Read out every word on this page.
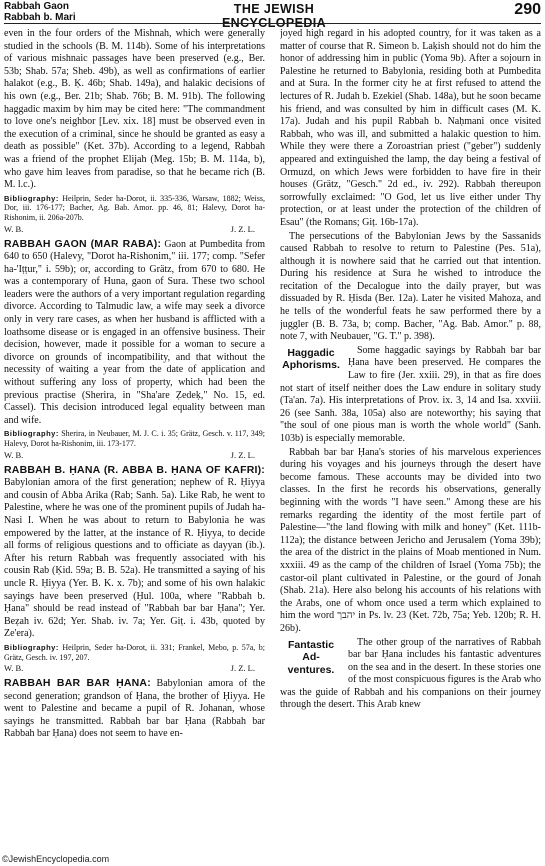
Rabbah Gaon
Rabbah b. Mari
THE JEWISH ENCYCLOPEDIA
290

even in the four orders of the Mishnah, which were generally studied in the schools (B. M. 114b). Some of his interpretations of various mishnaic passages have been preserved (e.g., Ber. 53b; Shab. 57a; Sheb. 49b), as well as confirmations of earlier halakot (e.g., B. Ḳ. 46b; Shab. 149a), and halakic decisions of his own (e.g., Ber. 21b; Shab. 76b; B. M. 91b). The following haggadic maxim by him may be cited here: "The commandment to love one's neighbor [Lev. xix. 18] must be observed even in the execution of a criminal, since he should be granted as easy a death as possible" (Ket. 37b). According to a legend, Rabbah was a friend of the prophet Elijah (Meg. 15b; B. M. 114a, b), who gave him leaves from paradise, so that he became rich (B. M. l.c.).

Bibliography: Heilprin, Seder ha-Dorot, ii. 335-336, Warsaw, 1882; Weiss, Dor, iii. 176-177; Bacher, Ag. Bab. Amor. pp. 46, 81; Halevy, Dorot ha-Rishonim, ii. 206a-207b.
W. B.	J. Z. L.

RABBAH GAON (MAR RABA): Gaon at Pumbedita from 640 to 650 (Halevy, "Dorot ha-Rishonim," iii. 177; comp. "Sefer ha-'Iṭṭur," i. 59b); or, according to Grätz, from 670 to 680. He was a contemporary of Huna, gaon of Sura. These two school leaders were the authors of a very important regulation regarding divorce. According to Talmudic law, a wife may seek a divorce only in very rare cases, as when her husband is afflicted with a loathsome disease or is engaged in an offensive business. Their decision, however, made it possible for a woman to secure a divorce on grounds of incompatibility, and that without the necessity of waiting a year from the date of application and without suffering any loss of property, which had been the previous practise (Sherira, in "Sha'are Ẓedeḳ," No. 15, ed. Cassel). This decision introduced legal equality between man and wife.

Bibliography: Sherira, in Neubauer, M. J. C. i. 35; Grätz, Gesch. v. 117, 349; Halevy, Dorot ha-Rishonim, iii. 173-177.
W. B.	J. Z. L.

RABBAH B. ḤANA (R. ABBA B. ḤANA OF KAFRI): Babylonian amora of the first generation; nephew of R. Ḥiyya and cousin of Abba Arika (Rab; Sanh. 5a). Like Rab, he went to Palestine, where he was one of the prominent pupils of Judah ha-Nasi I. When he was about to return to Babylonia he was empowered by the latter, at the instance of R. Ḥiyya, to decide all forms of religious questions and to officiate as dayyan (ib.). After his return Rabbah was frequently associated with his cousin Rab (Ḳid. 59a; B. B. 52a). He transmitted a saying of his uncle R. Ḥiyya (Yer. B. K. x. 7b); and some of his own halakic sayings have been preserved (Ḥul. 100a, where "Rabbah b. Ḥana" should be read instead of "Rabbah bar bar Ḥana"; Yer. Beẓah iv. 62d; Yer. Shab. iv. 7a; Yer. Giṭ. i. 43b, quoted by Ze'era).

Bibliography: Heilprin, Seder ha-Dorot, ii. 331; Frankel, Mebo, p. 57a, b; Grätz, Gesch. iv. 197, 207.
W. B.	J. Z. L.

RABBAH BAR BAR ḤANA: Babylonian amora of the second generation; grandson of Ḥana, the brother of Ḥiyya. He went to Palestine and became a pupil of R. Johanan, whose sayings he transmitted. Rabbah bar bar Ḥana (Rabbah bar Rabbah bar Ḥana) does not seem to have en-

joyed high regard in his adopted country, for it was taken as a matter of course that R. Simeon b. Laḳish should not do him the honor of addressing him in public (Yoma 9b). After a sojourn in Palestine he returned to Babylonia, residing both at Pumbedita and at Sura. In the former city he at first refused to attend the lectures of R. Judah b. Ezekiel (Shab. 148a), but he soon became his friend, and was consulted by him in difficult cases (M. K. 17a). Judah and his pupil Rabbah b. Naḥmani once visited Rabbah, who was ill, and submitted a halakic question to him. While they were there a Zoroastrian priest ("geber") suddenly appeared and extinguished the lamp, the day being a festival of Ormuzd, on which Jews were forbidden to have fire in their houses (Grätz, "Gesch." 2d ed., iv. 292). Rabbah thereupon sorrowfully exclaimed: "O God, let us live either under Thy protection, or at least under the protection of the children of Esau" (the Romans; Giṭ. 16b-17a).

The persecutions of the Babylonian Jews by the Sassanids caused Rabbah to resolve to return to Palestine (Pes. 51a), although it is nowhere said that he carried out that intention. During his residence at Sura he wished to introduce the recitation of the Decalogue into the daily prayer, but was dissuaded by R. Ḥisda (Ber. 12a). Later he visited Mahoza, and he tells of the wonderful feats he saw performed there by a juggler (B. B. 73a, b; comp. Bacher, "Ag. Bab. Amor." p. 88, note 7, with Neubauer, "G. T." p. 398).

Haggadic
Aphorisms.
Some haggadic sayings by Rabbah bar bar Ḥana have been preserved. He compares the Law to fire (Jer. xxiii. 29), in that as fire does not start of itself neither does the Law endure in solitary study (Ta'an. 7a). His interpretations of Prov. ix. 3, 14 and Isa. xxviii. 26 (see Sanh. 38a, 105a) also are noteworthy; his saying that "the soul of one pious man is worth the whole world" (Sanh. 103b) is especially memorable.

Rabbah bar bar Ḥana's stories of his marvelous experiences during his voyages and his journeys through the desert have become famous. These accounts may be divided into two classes. In the first he records his observations, generally beginning with the words "I have seen." Among these are his remarks regarding the identity of the most fertile part of Palestine—"the land flowing with milk and honey" (Ket. 111b-112a); the distance between Jericho and Jerusalem (Yoma 39b); the area of the district in the plains of Moab mentioned in Num. xxxiii. 49 as the camp of the children of Israel (Yoma 75b); the castor-oil plant cultivated in Palestine, or the gourd of Jonah (Shab. 21a). Here also belong his accounts of his relations with the Arabs, one of whom once used a term which explained to him the word יהבך in Ps. lv. 23 (Ket. 72b, 75a; Yeb. 120b; R. H. 26b).

Fantastic
Ad-
ventures.
The other group of the narratives of Rabbah bar bar Ḥana includes his fantastic adventures on the sea and in the desert. In these stories one of the most conspicuous figures is the Arab who was the guide of Rabbah and his companions on their journey through the desert. This Arab knew

©JewishEncyclopedia.com
